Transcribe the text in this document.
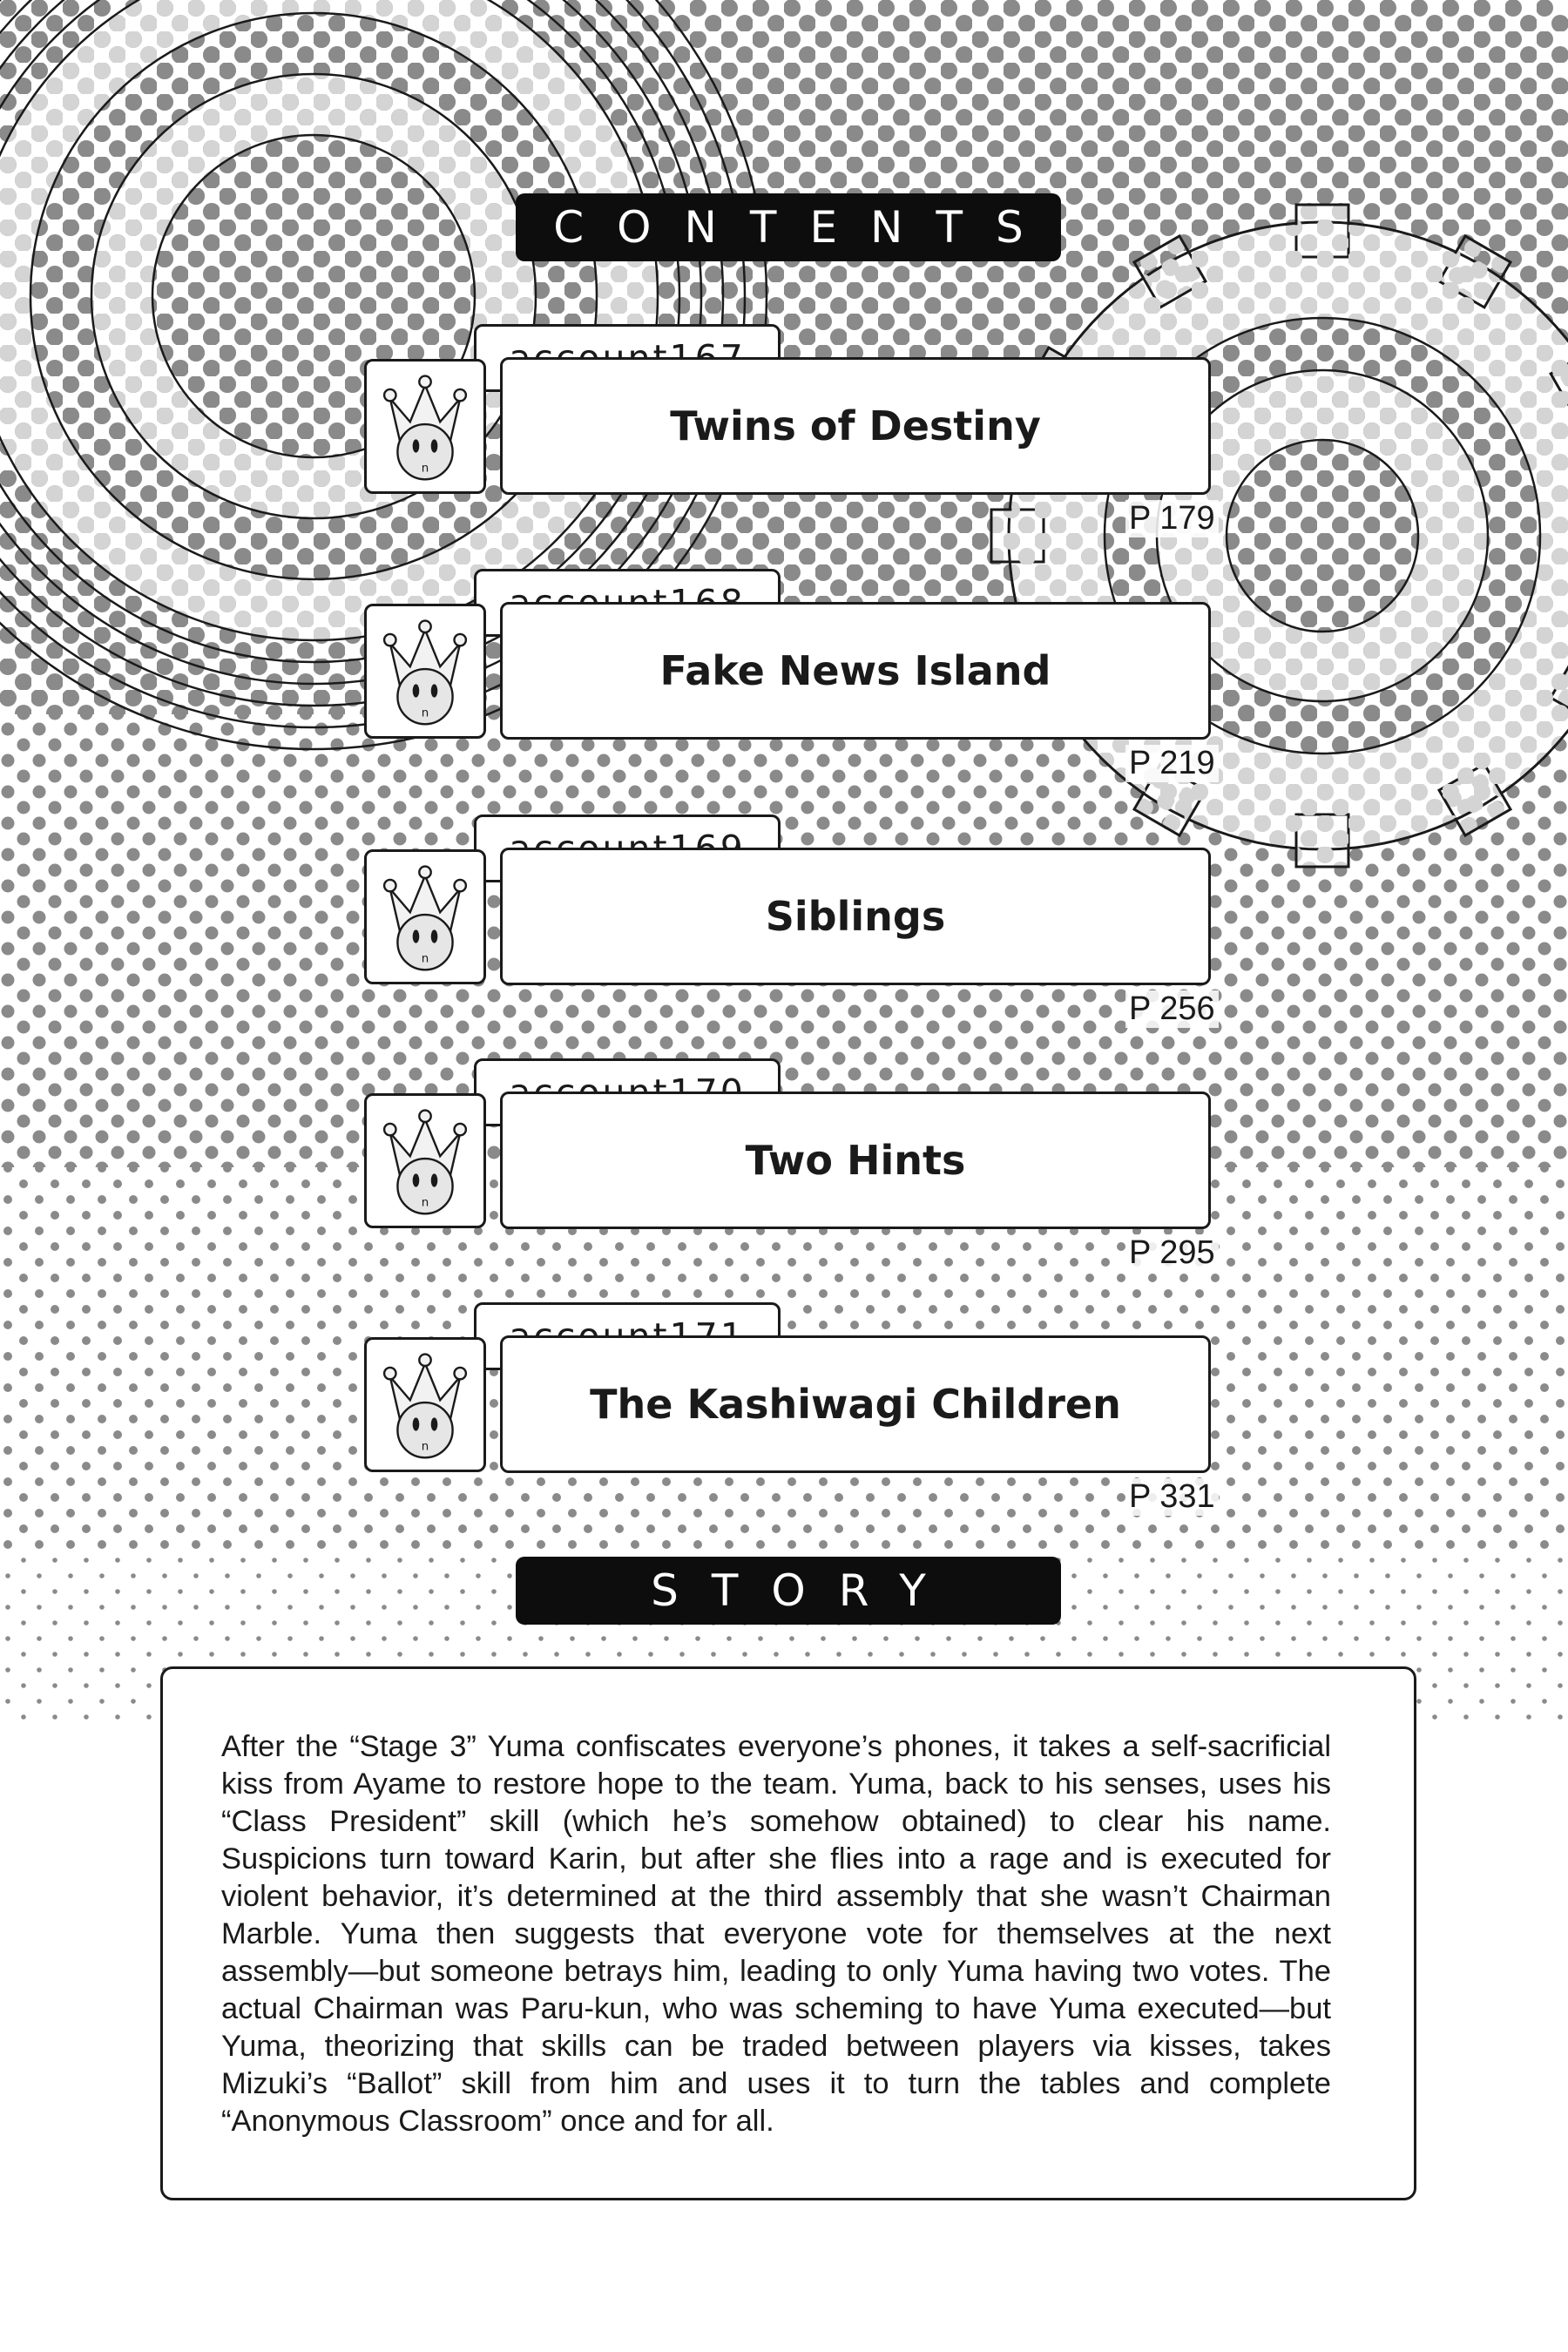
CONTENTS
n
Twins of Destiny
P 179
n
Fake News Island
P 219
n
Siblings
P 256
n
Two Hints
P 295
n
The Kashiwagi Children
P 331
STORY

After the “Stage 3” Yuma confiscates everyone’s phones, it takes a self-sacrificial kiss from Ayame to restore hope to the team. Yuma, back to his senses, uses his “Class President” skill (which he’s somehow obtained) to clear his name. Suspicions turn toward Karin, but after she flies into a rage and is executed for violent behavior, it’s determined at the third assembly that she wasn’t Chairman Marble. Yuma then suggests that everyone vote for themselves at the next assembly—but someone betrays him, leading to only Yuma having two votes. The actual Chairman was Paru-kun, who was scheming to have Yuma executed—but Yuma, theorizing that skills can be traded between players via kisses, takes Mizuki’s “Ballot” skill from him and uses it to turn the tables and complete “Anonymous Classroom” once and for all.
